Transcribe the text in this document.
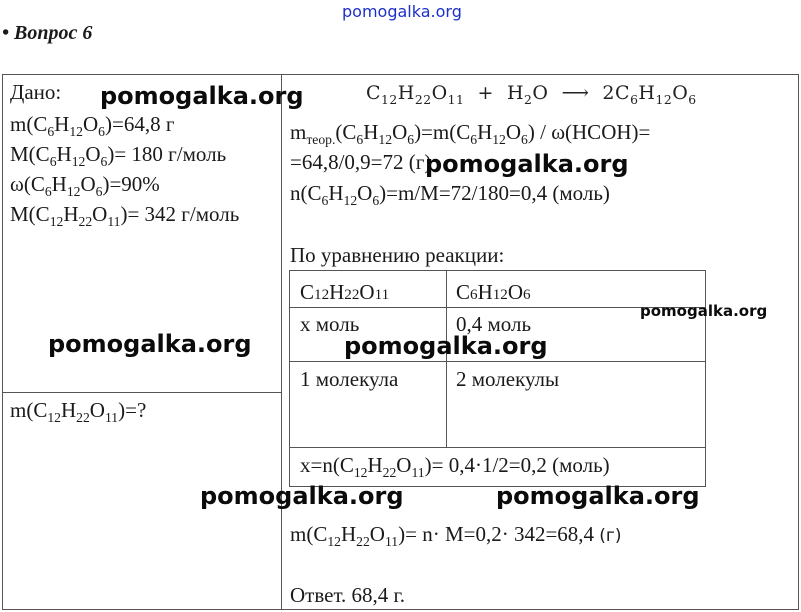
pomogalka.org
• Вопрос 6
Дано:
$m(C_6H_{12}O_6)=64,8$ г
$M(C_6H_{12}O_6)= 180$ г/моль
$\omega(C_6H_{12}O_6)=90\%$
$M(C_{12}H_{22}O_{11})= 342$ г/моль
$m(C_{12}H_{22}O_{11})=$?
$C_{12}H_{22}O_{11} + H_2O$ ⟶ $2C_6H_{12}O_6$
$m_{теор.}(C_6H_{12}O_6)=m(C_6H_{12}O_6)$ / ω(HCOH)=
=64,8/0,9=72 (г)
$n(C_6H_{12}O_6)=m/M=72/180=0,4$ (моль)
По уравнению реакции:
C12H22O11	C6H12O6
x моль	0,4 моль
1 молекула	2 молекулы
$x=n(C_{12}H_{22}O_{11})= 0,4\cdot 1/2=0,2$ (моль)
$m(C_{12}H_{22}O_{11})= n\cdot M=0,2\cdot 342=68,4$ (г)
Ответ. 68,4 г.
pomogalka.org
pomogalka.org
pomogalka.org
pomogalka.org	pomogalka.org
pomogalka.org	pomogalka.org
